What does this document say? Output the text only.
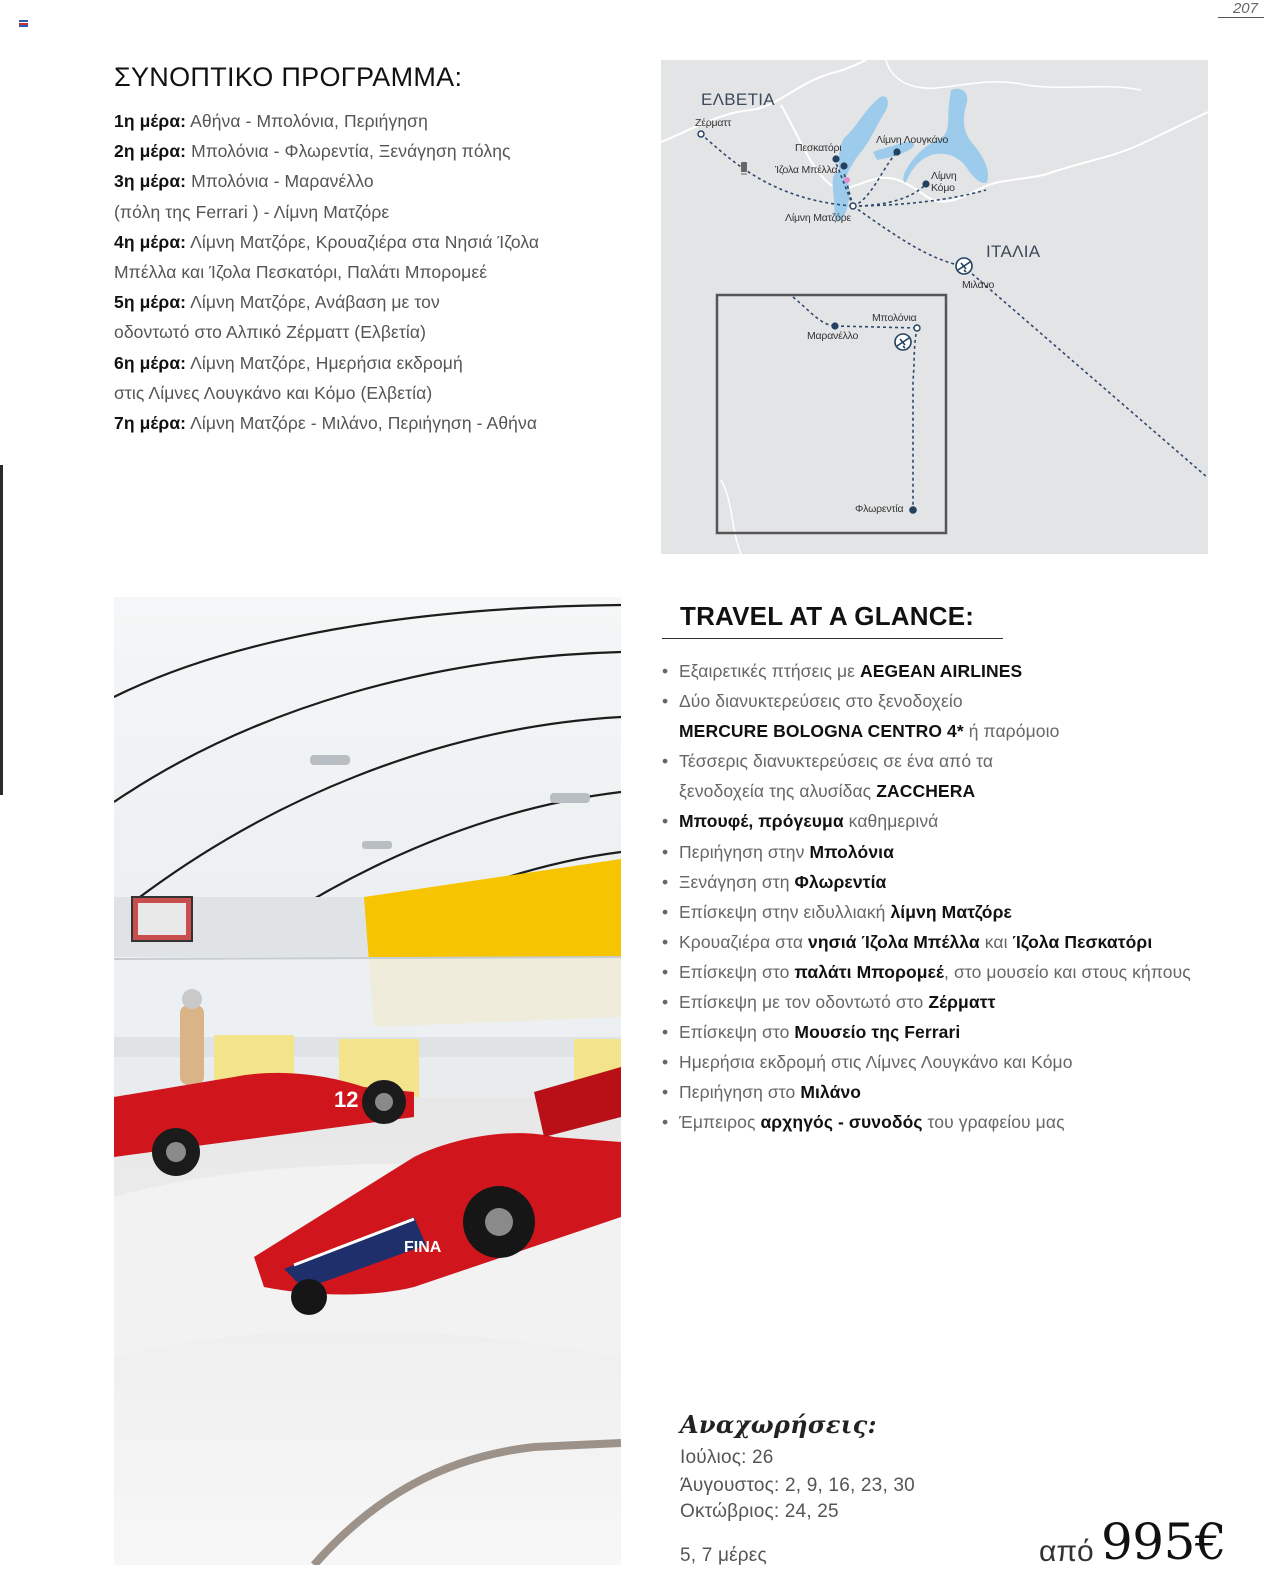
207
ΣΥΝΟΠΤΙΚΟ ΠΡΟΓΡΑΜΜΑ:
1η μέρα: Αθήνα - Μπολόνια, Περιήγηση
2η μέρα: Μπολόνια - Φλωρεντία, Ξενάγηση πόλης
3η μέρα: Μπολόνια - Μαρανέλλο
(πόλη της Ferrari ) - Λίμνη Ματζόρε
4η μέρα: Λίμνη Ματζόρε, Κρουαζιέρα στα Νησιά Ίζολα
Μπέλλα και Ίζολα Πεσκατόρι, Παλάτι Μπορομεέ
5η μέρα: Λίμνη Ματζόρε, Ανάβαση με τον
οδοντωτό στο Αλπικό Ζέρματτ (Ελβετία)
6η μέρα: Λίμνη Ματζόρε, Ημερήσια εκδρομή
στις Λίμνες Λουγκάνο και Κόμο (Ελβετία)
7η μέρα: Λίμνη Ματζόρε - Μιλάνο, Περιήγηση - Αθήνα
ΕΛΒΕΤΙΑ
ΙΤΑΛΙΑ
Ζέρματτ
Πεσκατόρι
Ίζολα Μπέλλα
Λίμνη Λουγκάνο
Λίμνη Κόμο
Λίμνη Ματζόρε
Μιλάνο
Μπολόνια
Μαρανέλλο
Φλωρεντία
12
FINA
TRAVEL AT A GLANCE:
• Εξαιρετικές πτήσεις με AEGEAN AIRLINES
• Δύο διανυκτερεύσεις στο ξενοδοχείο
MERCURE BOLOGNA CENTRO 4* ή παρόμοιο
• Τέσσερις διανυκτερεύσεις σε ένα από τα
ξενοδοχεία της αλυσίδας ZACCHERA
• Μπουφέ, πρόγευμα καθημερινά
• Περιήγηση στην Μπολόνια
• Ξενάγηση στη Φλωρεντία
• Επίσκεψη στην ειδυλλιακή λίμνη Ματζόρε
• Κρουαζιέρα στα νησιά Ίζολα Μπέλλα και Ίζολα Πεσκατόρι
• Επίσκεψη στο παλάτι Μπορομεέ, στο μουσείο και στους κήπους
• Επίσκεψη με τον οδοντωτό στο Ζέρματτ
• Επίσκεψη στο Μουσείο της Ferrari
• Ημερήσια εκδρομή στις Λίμνες Λουγκάνο και Κόμο
• Περιήγηση στο Μιλάνο
• Έμπειρος αρχηγός - συνοδός του γραφείου μας
Αναχωρήσεις:
Ιούλιος: 26
Άυγουστος: 2, 9, 16, 23, 30
Οκτώβριος: 24, 25
5, 7 μέρες	από 995€
